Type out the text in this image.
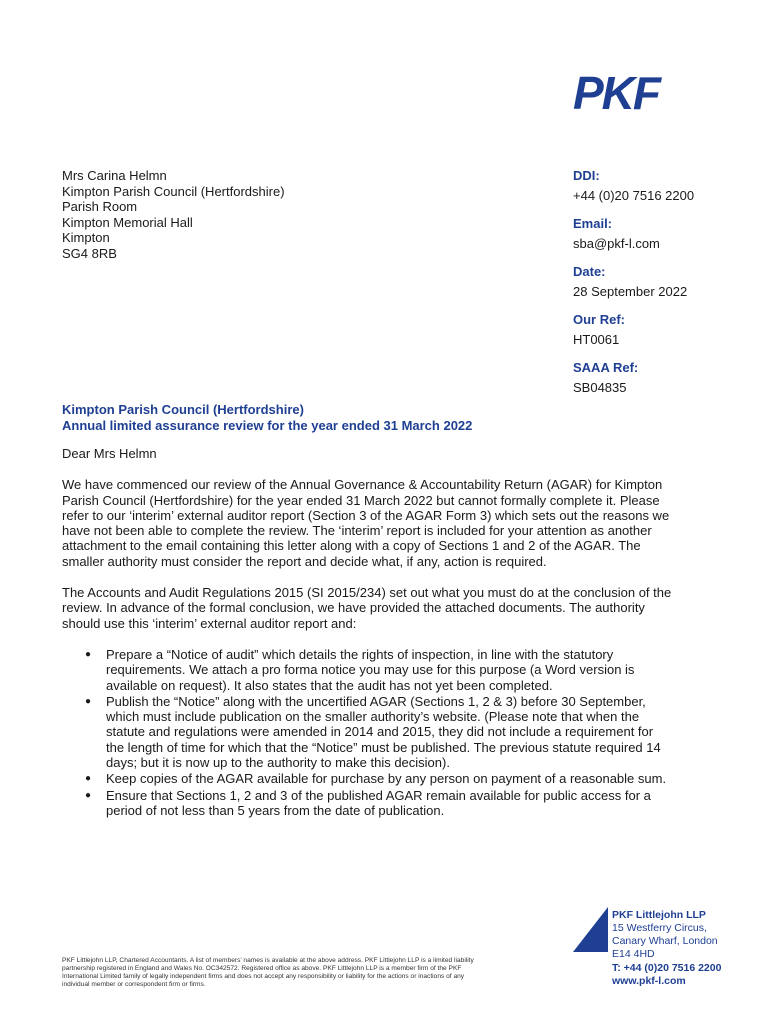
PKF
Mrs Carina Helmn
Kimpton Parish Council (Hertfordshire)
Parish Room
Kimpton Memorial Hall
Kimpton
SG4 8RB
DDI:
+44 (0)20 7516 2200
Email:
sba@pkf-l.com
Date:
28 September 2022
Our Ref:
HT0061
SAAA Ref:
SB04835
Kimpton Parish Council (Hertfordshire)
Annual limited assurance review for the year ended 31 March 2022

Dear Mrs Helmn

We have commenced our review of the Annual Governance & Accountability Return (AGAR) for Kimpton Parish Council (Hertfordshire) for the year ended 31 March 2022 but cannot formally complete it. Please refer to our ‘interim’ external auditor report (Section 3 of the AGAR Form 3) which sets out the reasons we have not been able to complete the review. The ‘interim’ report is included for your attention as another attachment to the email containing this letter along with a copy of Sections 1 and 2 of the AGAR. The smaller authority must consider the report and decide what, if any, action is required.

The Accounts and Audit Regulations 2015 (SI 2015/234) set out what you must do at the conclusion of the review. In advance of the formal conclusion, we have provided the attached documents. The authority should use this ‘interim’ external auditor report and:

● Prepare a “Notice of audit” which details the rights of inspection, in line with the statutory requirements. We attach a pro forma notice you may use for this purpose (a Word version is available on request). It also states that the audit has not yet been completed.
● Publish the “Notice” along with the uncertified AGAR (Sections 1, 2 & 3) before 30 September, which must include publication on the smaller authority’s website. (Please note that when the statute and regulations were amended in 2014 and 2015, they did not include a requirement for the length of time for which that the “Notice” must be published. The previous statute required 14 days; but it is now up to the authority to make this decision).
● Keep copies of the AGAR available for purchase by any person on payment of a reasonable sum.
● Ensure that Sections 1, 2 and 3 of the published AGAR remain available for public access for a period of not less than 5 years from the date of publication.
PKF Littlejohn LLP, Chartered Accountants. A list of members’ names is available at the above address. PKF Littlejohn LLP is a limited liability partnership registered in England and Wales No. OC342572. Registered office as above. PKF Littlejohn LLP is a member firm of the PKF International Limited family of legally independent firms and does not accept any responsibility or liability for the actions or inactions of any individual member or correspondent firm or firms.
PKF Littlejohn LLP
15 Westferry Circus,
Canary Wharf, London
E14 4HD
T: +44 (0)20 7516 2200
www.pkf-l.com
